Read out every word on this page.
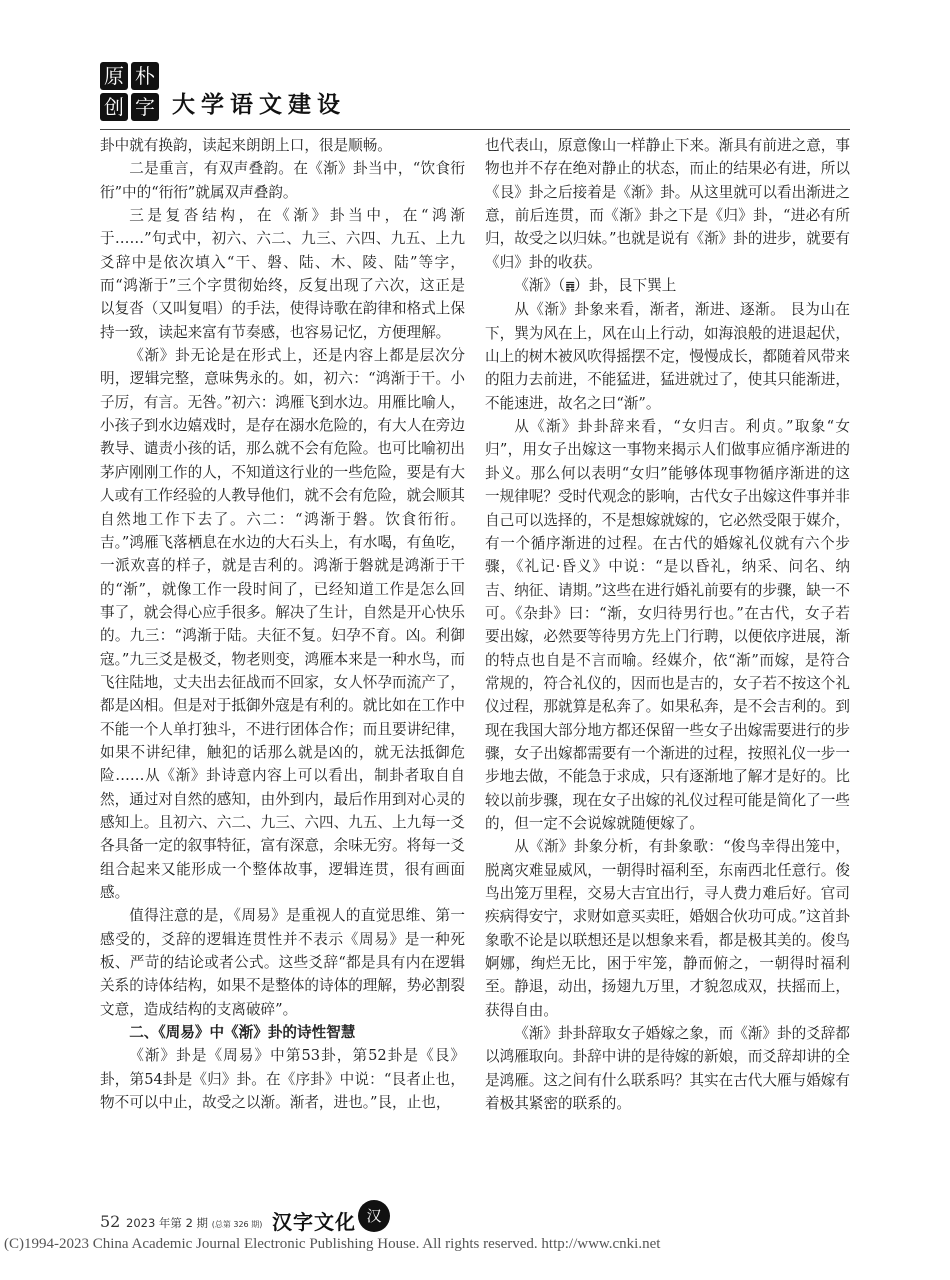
原 朴
创 字 大学语文建设

卦中就有换韵，读起来朗朗上口，很是顺畅。

二是重言，有双声叠韵。在《渐》卦当中，“饮食衎衎”中的“衎衎”就属双声叠韵。

三是复沓结构，在《渐》卦当中，在“鸿渐于……”句式中，初六、六二、九三、六四、九五、上九爻辞中是依次填入“干、磐、陆、木、陵、陆”等字，而“鸿渐于”三个字贯彻始终，反复出现了六次，这正是以复沓（又叫复唱）的手法，使得诗歌在韵律和格式上保持一致，读起来富有节奏感，也容易记忆，方便理解。

《渐》卦无论是在形式上，还是内容上都是层次分明，逻辑完整，意味隽永的。如，初六：“鸿渐于干。小子厉，有言。无咎。”初六：鸿雁飞到水边。用雁比喻人，小孩子到水边嬉戏时，是存在溺水危险的，有大人在旁边教导、谴责小孩的话，那么就不会有危险。也可比喻初出茅庐刚刚工作的人，不知道这行业的一些危险，要是有大人或有工作经验的人教导他们，就不会有危险，就会顺其自然地工作下去了。六二：“鸿渐于磐。饮食衎衎。吉。”鸿雁飞落栖息在水边的大石头上，有水喝，有鱼吃，一派欢喜的样子，就是吉利的。鸿渐于磐就是鸿渐于干的“渐”，就像工作一段时间了，已经知道工作是怎么回事了，就会得心应手很多。解决了生计，自然是开心快乐的。九三：“鸿渐于陆。夫征不复。妇孕不育。凶。利御寇。”九三爻是极爻，物老则变，鸿雁本来是一种水鸟，而飞往陆地，丈夫出去征战而不回家，女人怀孕而流产了，都是凶相。但是对于抵御外寇是有利的。就比如在工作中不能一个人单打独斗，不进行团体合作；而且要讲纪律，如果不讲纪律，触犯的话那么就是凶的，就无法抵御危险……从《渐》卦诗意内容上可以看出，制卦者取自自然，通过对自然的感知，由外到内，最后作用到对心灵的感知上。且初六、六二、九三、六四、九五、上九每一爻各具备一定的叙事特征，富有深意，余味无穷。将每一爻组合起来又能形成一个整体故事，逻辑连贯，很有画面感。

值得注意的是，《周易》是重视人的直觉思维、第一感受的，爻辞的逻辑连贯性并不表示《周易》是一种死板、严苛的结论或者公式。这些爻辞“都是具有内在逻辑关系的诗体结构，如果不是整体的诗体的理解，势必割裂文意，造成结构的支离破碎”。

二、《周易》中《渐》卦的诗性智慧

《渐》卦是《周易》中第53卦，第52卦是《艮》卦，第54卦是《归》卦。在《序卦》中说：“艮者止也，物不可以中止，故受之以渐。渐者，进也。”艮，止也，

也代表山，原意像山一样静止下来。渐具有前进之意，事物也并不存在绝对静止的状态，而止的结果必有进，所以《艮》卦之后接着是《渐》卦。从这里就可以看出渐进之意，前后连贯，而《渐》卦之下是《归》卦，“进必有所归，故受之以归妹。”也就是说有《渐》卦的进步，就要有《归》卦的收获。

《渐》（䷴）卦，艮下巽上

从《渐》卦象来看，渐者，渐进、逐渐。 艮为山在下，巽为风在上，风在山上行动，如海浪般的进退起伏，山上的树木被风吹得摇摆不定，慢慢成长，都随着风带来的阻力去前进，不能猛进，猛进就过了，使其只能渐进，不能速进，故名之曰“渐”。

从《渐》卦卦辞来看，“女归吉。利贞。”取象“女归”，用女子出嫁这一事物来揭示人们做事应循序渐进的卦义。那么何以表明“女归”能够体现事物循序渐进的这一规律呢？受时代观念的影响，古代女子出嫁这件事并非自己可以选择的，不是想嫁就嫁的，它必然受限于媒介，有一个循序渐进的过程。在古代的婚嫁礼仪就有六个步骤，《礼记·昏义》中说：“是以昏礼，纳采、问名、纳吉、纳征、请期。”这些在进行婚礼前要有的步骤，缺一不可。《杂卦》曰：“渐，女归待男行也。”在古代，女子若要出嫁，必然要等待男方先上门行聘，以便依序进展，渐的特点也自是不言而喻。经媒介，依“渐”而嫁，是符合常规的，符合礼仪的，因而也是吉的，女子若不按这个礼仪过程，那就算是私奔了。如果私奔，是不会吉利的。到现在我国大部分地方都还保留一些女子出嫁需要进行的步骤，女子出嫁都需要有一个渐进的过程，按照礼仪一步一步地去做，不能急于求成，只有逐渐地了解才是好的。比较以前步骤，现在女子出嫁的礼仪过程可能是简化了一些的，但一定不会说嫁就随便嫁了。

从《渐》卦象分析，有卦象歌：“俊鸟幸得出笼中，脱离灾难显威风，一朝得时福利至，东南西北任意行。俊鸟出笼万里程，交易大吉宜出行，寻人费力难后好。官司疾病得安宁，求财如意买卖旺，婚姻合伙功可成。”这首卦象歌不论是以联想还是以想象来看，都是极其美的。俊鸟婀娜，绚烂无比，困于牢笼，静而俯之，一朝得时福利至。静退，动出，扬翅九万里，才貌忽成双，扶摇而上，获得自由。

《渐》卦卦辞取女子婚嫁之象，而《渐》卦的爻辞都以鸿雁取向。卦辞中讲的是待嫁的新娘，而爻辞却讲的全是鸿雁。这之间有什么联系吗？其实在古代大雁与婚嫁有着极其紧密的联系的。

52 2023 年第 2 期 (总第 326 期) 汉字文化 汉
(C)1994-2023 China Academic Journal Electronic Publishing House. All rights reserved. http://www.cnki.net
